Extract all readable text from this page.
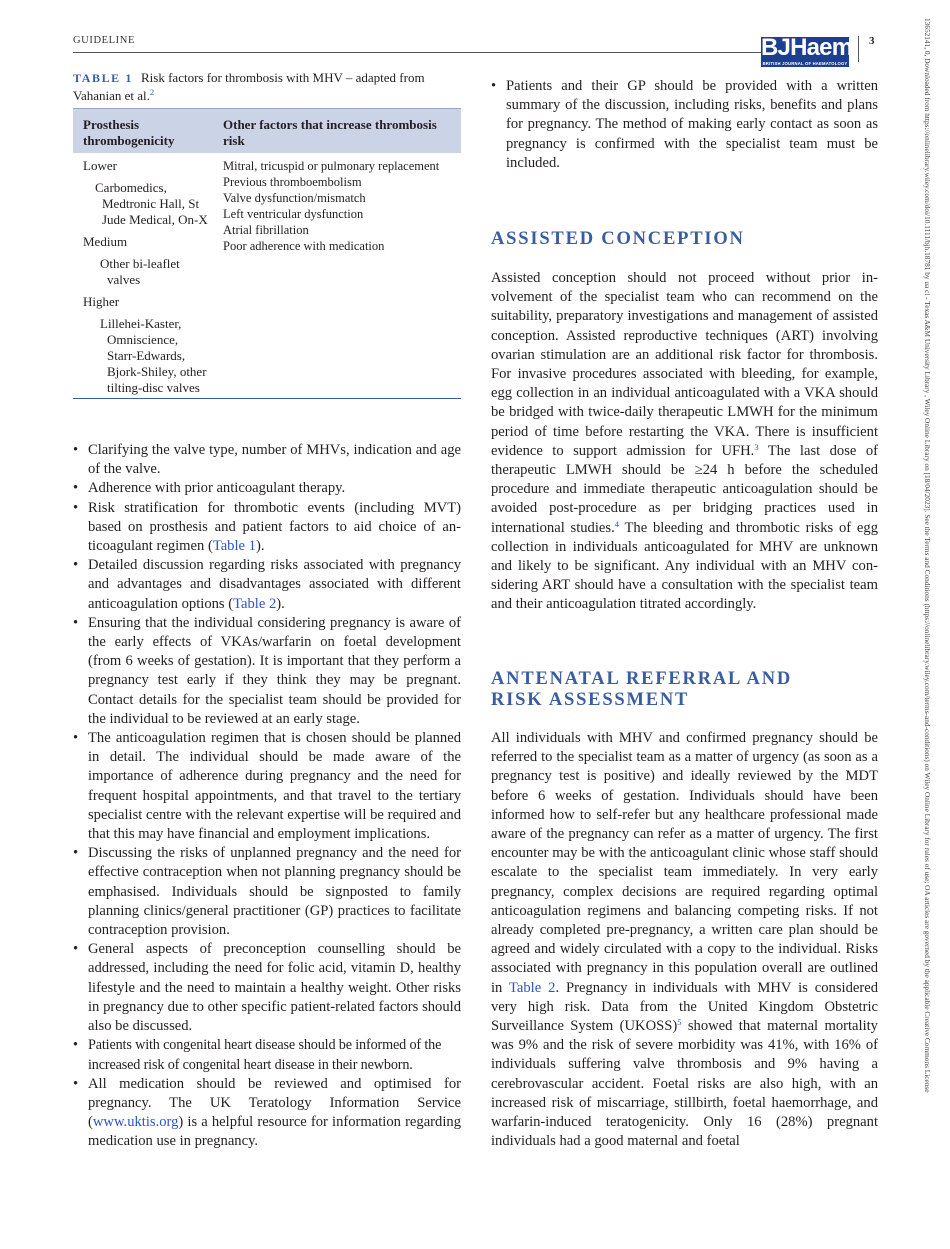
GUIDELINE	BJHaem
BRITISH JOURNAL OF HAEMATOLOGY
3	13652141, 0, Downloaded from https://onlinelibrary.wiley.com/doi/10.1111/bjh.18781 by ua cl - Texas A&M University Library , Wiley Online Library on [18/04/2023]. See the Terms and Conditions (https://onlinelibrary.wiley.com/terms-and-conditions) on Wiley Online Library for rules of use; OA articles are governed by the applicable Creative Commons License
TABLE 1 Risk factors for thrombosis with MHV – adapted from Vahanian et al.$^2$
Prosthesis thrombogenicity
Other factors that increase thrombosis risk

Lower

Carbomedics,
Medtronic Hall, St
Jude Medical, On-X

Medium

Other bi-leaflet
valves

Higher

Lillehei-Kaster,
Omniscience,
Starr-Edwards,
Bjork-Shiley, other
tilting-disc valves
Mitral, tricuspid or pulmonary replacement
Previous thromboembolism
Valve dysfunction/mismatch
Left ventricular dysfunction
Atrial fibrillation
Poor adherence with medication
• Clarifying the valve type, number of MHVs, indication and age of the valve.
• Adherence with prior anticoagulant therapy.
• Risk stratification for thrombotic events (including MVT) based on prosthesis and patient factors to aid choice of anticoagulant regimen (Table 1).
• Detailed discussion regarding risks associated with pregnancy and advantages and disadvantages associated with different anticoagulation options (Table 2).
• Ensuring that the individual considering pregnancy is aware of the early effects of VKAs/warfarin on foetal development (from 6 weeks of gestation). It is important that they perform a pregnancy test early if they think they may be pregnant. Contact details for the specialist team should be provided for the individual to be reviewed at an early stage.
• The anticoagulation regimen that is chosen should be planned in detail. The individual should be made aware of the importance of adherence during pregnancy and the need for frequent hospital appointments, and that travel to the tertiary specialist centre with the relevant expertise will be required and that this may have financial and employment implications.
• Discussing the risks of unplanned pregnancy and the need for effective contraception when not planning pregnancy should be emphasised. Individuals should be signposted to family planning clinics/general practitioner (GP) practices to facilitate contraception provision.
• General aspects of preconception counselling should be addressed, including the need for folic acid, vitamin D, healthy lifestyle and the need to maintain a healthy weight. Other risks in pregnancy due to other specific patient-related factors should also be discussed.
• Patients with congenital heart disease should be informed of the increased risk of congenital heart disease in their newborn.
• All medication should be reviewed and optimised for pregnancy. The UK Teratology Information Service (www.uktis.org) is a helpful resource for information regarding medication use in pregnancy.
• Patients and their GP should be provided with a written summary of the discussion, including risks, benefits and plans for pregnancy. The method of making early contact as soon as pregnancy is confirmed with the specialist team must be included.
ASSISTED CONCEPTION

Assisted conception should not proceed without prior involvement of the specialist team who can recommend on the suitability, preparatory investigations and management of assisted conception. Assisted reproductive techniques (ART) involving ovarian stimulation are an additional risk factor for thrombosis. For invasive procedures associated with bleeding, for example, egg collection in an individual anticoagulated with a VKA should be bridged with twice-daily therapeutic LMWH for the minimum period of time before restarting the VKA. There is insufficient evidence to support admission for UFH.$^3$ The last dose of therapeutic LMWH should be ≥24 h before the scheduled procedure and immediate therapeutic anticoagulation should be avoided post-procedure as per bridging practices used in international studies.$^4$ The bleeding and thrombotic risks of egg collection in individuals anticoagulated for MHV are unknown and likely to be significant. Any individual with an MHV considering ART should have a consultation with the specialist team and their anticoagulation titrated accordingly.

ANTENATAL REFERRAL AND
RISK ASSESSMENT

All individuals with MHV and confirmed pregnancy should be referred to the specialist team as a matter of urgency (as soon as a pregnancy test is positive) and ideally reviewed by the MDT before 6 weeks of gestation. Individuals should have been informed how to self-refer but any healthcare professional made aware of the pregnancy can refer as a matter of urgency. The first encounter may be with the anticoagulant clinic whose staff should escalate to the specialist team immediately. In very early pregnancy, complex decisions are required regarding optimal anticoagulation regimens and balancing competing risks. If not already completed pre-pregnancy, a written care plan should be agreed and widely circulated with a copy to the individual. Risks associated with pregnancy in this population overall are outlined in Table 2. Pregnancy in individuals with MHV is considered very high risk. Data from the United Kingdom Obstetric Surveillance System (UKOSS)$^5$ showed that maternal mortality was 9% and the risk of severe morbidity was 41%, with 16% of individuals suffering valve thrombosis and 9% having a cerebrovascular accident. Foetal risks are also high, with an increased risk of miscarriage, stillbirth, foetal haemorrhage, and warfarin-induced teratogenicity. Only 16 (28%) pregnant individuals had a good maternal and foetal
